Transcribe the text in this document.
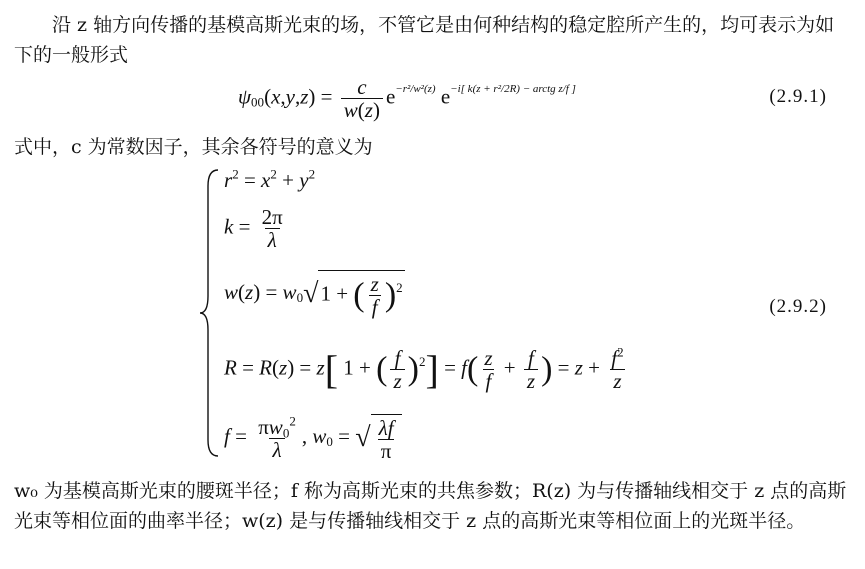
沿 z 轴方向传播的基模高斯光束的场，不管它是由何种结构的稳定腔所产生的，均可表示为如下的一般形式
$\psi_{00}(x,y,z) = \frac{c}{w(z)} e^{-r^2/w^2(z)}$ $e^{-i[ k(z + r^2/2R) - arctg z/f ]}$	(2.9.1)
式中，c 为常数因子，其余各符号的意义为
$r^2 = x^2 + y^2$
$k = \frac{2\pi}{\lambda}$
$w(z) = w_0√1$ + ( $\frac{z}{f} )^2$
R = R(z) = z[ 1 + ( $\frac{f}{z} )^2] = f( \frac{z}{f} + \frac{f}{z}$ ) = $z + \frac{f^2}{z}$
$f = \frac{\pi w_0^2}{\lambda}$ , $w_0$ = √ $\frac{\lambda f}{\pi}$
(2.9.2)
w₀ 为基模高斯光束的腰斑半径；f 称为高斯光束的共焦参数；R(z) 为与传播轴线相交于 z 点的高斯光束等相位面的曲率半径；w(z) 是与传播轴线相交于 z 点的高斯光束等相位面上的光斑半径。
